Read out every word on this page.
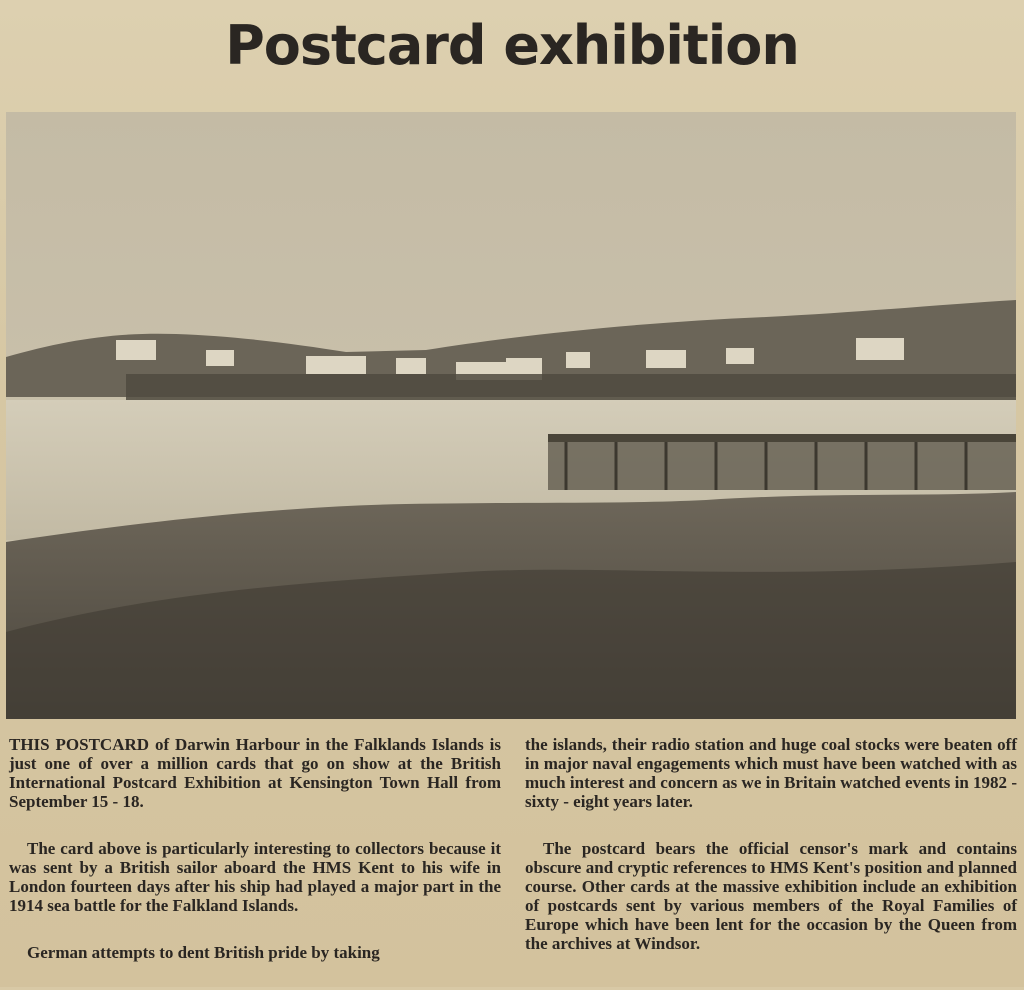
Postcard exhibition

THIS POSTCARD of Darwin Harbour in the Falklands Islands is just one of over a million cards that go on show at the British International Postcard Exhibition at Kensington Town Hall from September 15 - 18.

The card above is particularly interesting to collectors because it was sent by a British sailor aboard the HMS Kent to his wife in London fourteen days after his ship had played a major part in the 1914 sea battle for the Falkland Islands.

German attempts to dent British pride by taking

the islands, their radio station and huge coal stocks were beaten off in major naval engagements which must have been watched with as much interest and concern as we in Britain watched events in 1982 - sixty - eight years later.

The postcard bears the official censor's mark and contains obscure and cryptic references to HMS Kent's position and planned course. Other cards at the massive exhibition include an exhibition of postcards sent by various members of the Royal Families of Europe which have been lent for the occasion by the Queen from the archives at Windsor.
